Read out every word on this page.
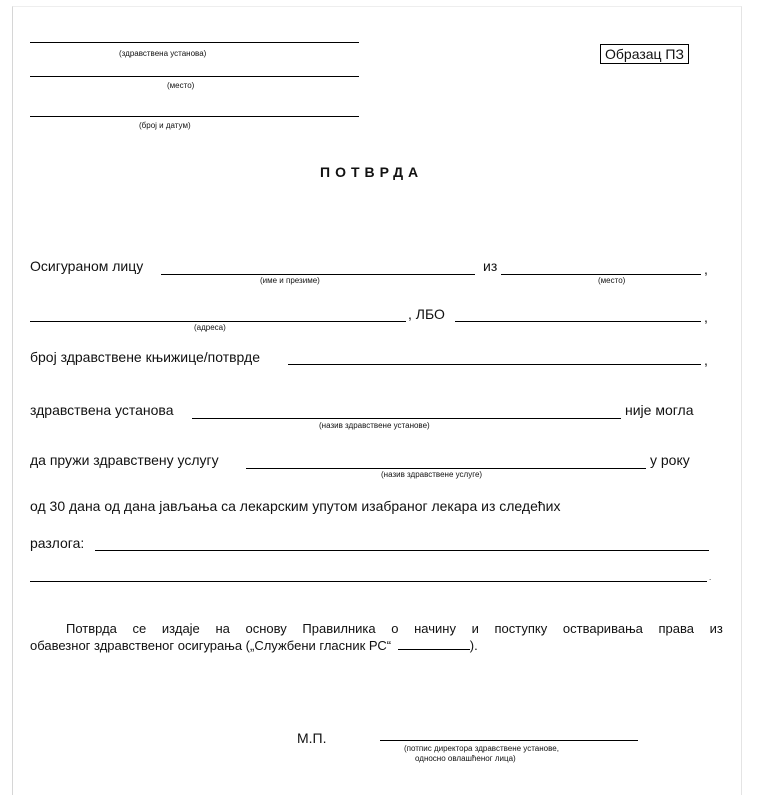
(здравствена установа)
(место)
(број и датум)
Образац ПЗ
ПОТВРДА
Осигураном лицу
(име и презиме)
из
(место)
,
(адреса)
, ЛБО	,
број здравствене књижице/потврде	,
здравствена установа
(назив здравствене установе)
није могла
да пружи здравствену услугу
(назив здравствене услуге)
у року
од 30 дана од дана јављања са лекарским упутом изабраног лекара из следећих
разлога:
.
Потврда се издаје на основу Правилника о начину и поступку остваривања права из
обавезног здравственог осигурања („Службени гласник РС“	).
М.П.
(потпис директора здравствене установе,
односно овлашћеног лица)
